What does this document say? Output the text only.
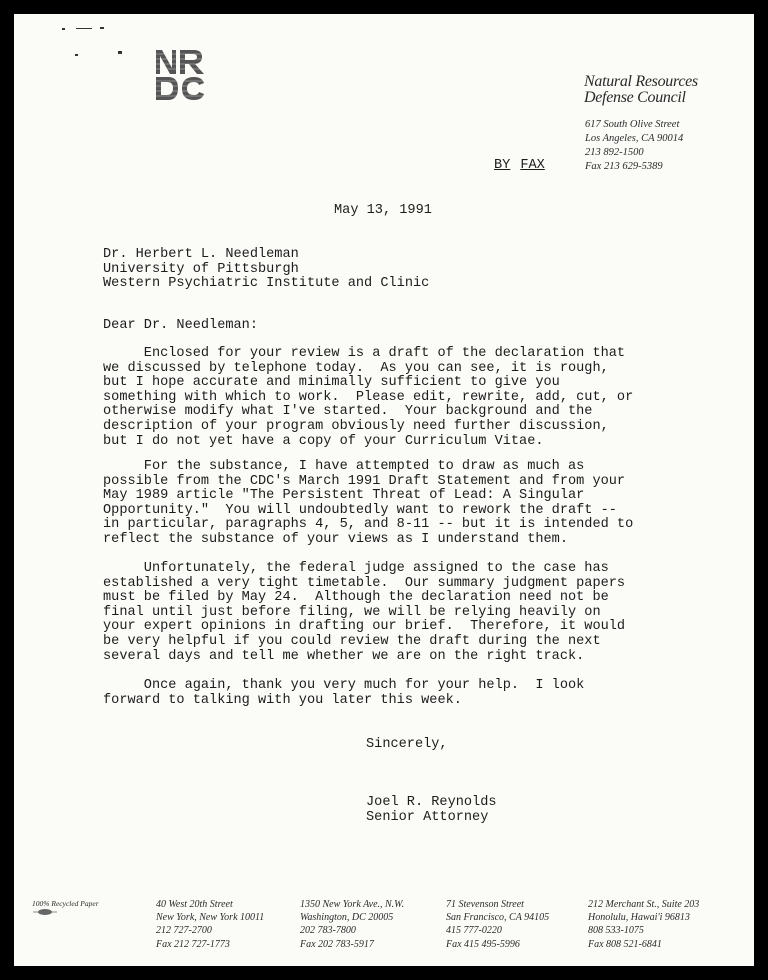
Natural Resources
Defense Council
617 South Olive Street
Los Angeles, CA 90014
213 892-1500
Fax 213 629-5389
BY FAX
May 13, 1991
Dr. Herbert L. Needleman
University of Pittsburgh
Western Psychiatric Institute and Clinic
Dear Dr. Needleman:
Enclosed for your review is a draft of the declaration that
we discussed by telephone today.  As you can see, it is rough,
but I hope accurate and minimally sufficient to give you
something with which to work.  Please edit, rewrite, add, cut, or
otherwise modify what I've started.  Your background and the
description of your program obviously need further discussion,
but I do not yet have a copy of your Curriculum Vitae.
For the substance, I have attempted to draw as much as
possible from the CDC's March 1991 Draft Statement and from your
May 1989 article "The Persistent Threat of Lead: A Singular
Opportunity."  You will undoubtedly want to rework the draft --
in particular, paragraphs 4, 5, and 8-11 -- but it is intended to
reflect the substance of your views as I understand them.
Unfortunately, the federal judge assigned to the case has
established a very tight timetable.  Our summary judgment papers
must be filed by May 24.  Although the declaration need not be
final until just before filing, we will be relying heavily on
your expert opinions in drafting our brief.  Therefore, it would
be very helpful if you could review the draft during the next
several days and tell me whether we are on the right track.
Once again, thank you very much for your help.  I look
forward to talking with you later this week.
Sincerely,
Joel R. Reynolds
Senior Attorney
100% Recycled Paper	40 West 20th Street
New York, New York 10011
212 727-2700
Fax 212 727-1773
1350 New York Ave., N.W.
Washington, DC 20005
202 783-7800
Fax 202 783-5917
71 Stevenson Street
San Francisco, CA 94105
415 777-0220
Fax 415 495-5996
212 Merchant St., Suite 203
Honolulu, Hawai'i 96813
808 533-1075
Fax 808 521-6841
